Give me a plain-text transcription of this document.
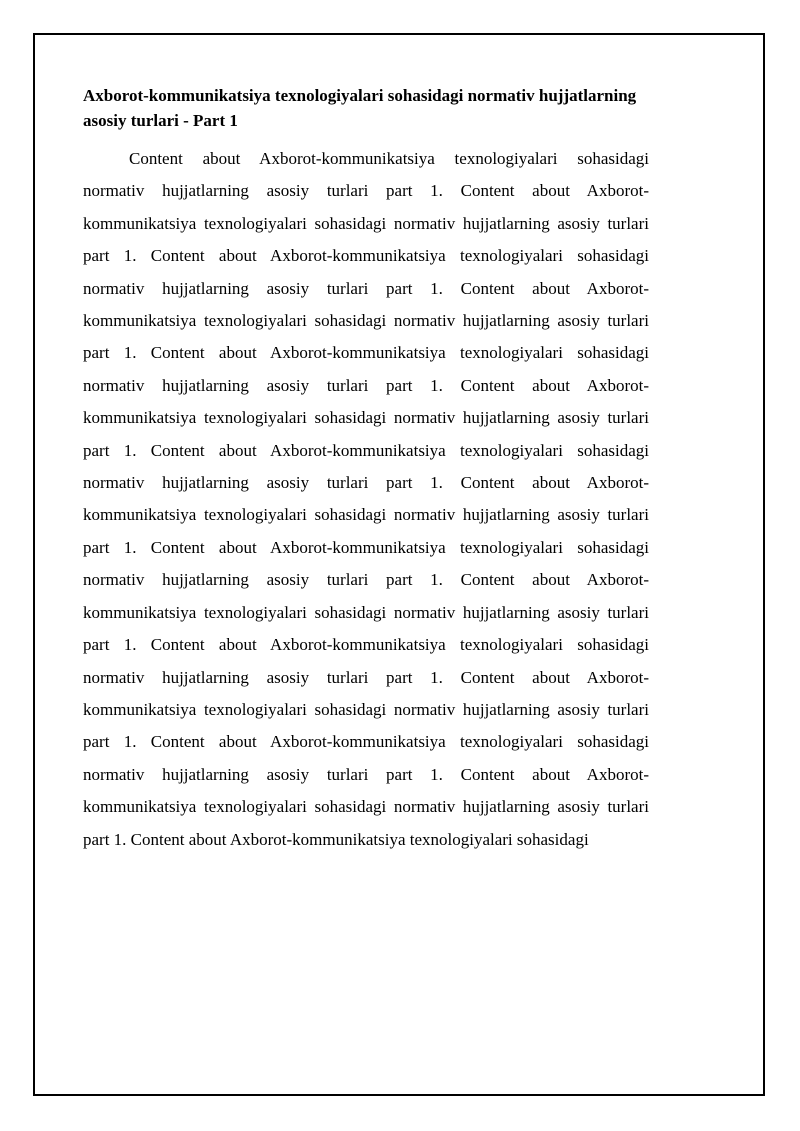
Axborot-kommunikatsiya texnologiyalari sohasidagi normativ hujjatlarning asosiy turlari - Part 1

Content about Axborot-kommunikatsiya texnologiyalari sohasidagi normativ hujjatlarning asosiy turlari part 1. Content about Axborot-kommunikatsiya texnologiyalari sohasidagi normativ hujjatlarning asosiy turlari part 1. Content about Axborot-kommunikatsiya texnologiyalari sohasidagi normativ hujjatlarning asosiy turlari part 1. Content about Axborot-kommunikatsiya texnologiyalari sohasidagi normativ hujjatlarning asosiy turlari part 1. Content about Axborot-kommunikatsiya texnologiyalari sohasidagi normativ hujjatlarning asosiy turlari part 1. Content about Axborot-kommunikatsiya texnologiyalari sohasidagi normativ hujjatlarning asosiy turlari part 1. Content about Axborot-kommunikatsiya texnologiyalari sohasidagi normativ hujjatlarning asosiy turlari part 1. Content about Axborot-kommunikatsiya texnologiyalari sohasidagi normativ hujjatlarning asosiy turlari part 1. Content about Axborot-kommunikatsiya texnologiyalari sohasidagi normativ hujjatlarning asosiy turlari part 1. Content about Axborot-kommunikatsiya texnologiyalari sohasidagi normativ hujjatlarning asosiy turlari part 1. Content about Axborot-kommunikatsiya texnologiyalari sohasidagi normativ hujjatlarning asosiy turlari part 1. Content about Axborot-kommunikatsiya texnologiyalari sohasidagi normativ hujjatlarning asosiy turlari part 1. Content about Axborot-kommunikatsiya texnologiyalari sohasidagi normativ hujjatlarning asosiy turlari part 1. Content about Axborot-kommunikatsiya texnologiyalari sohasidagi normativ hujjatlarning asosiy turlari part 1. Content about Axborot-kommunikatsiya texnologiyalari sohasidagi
